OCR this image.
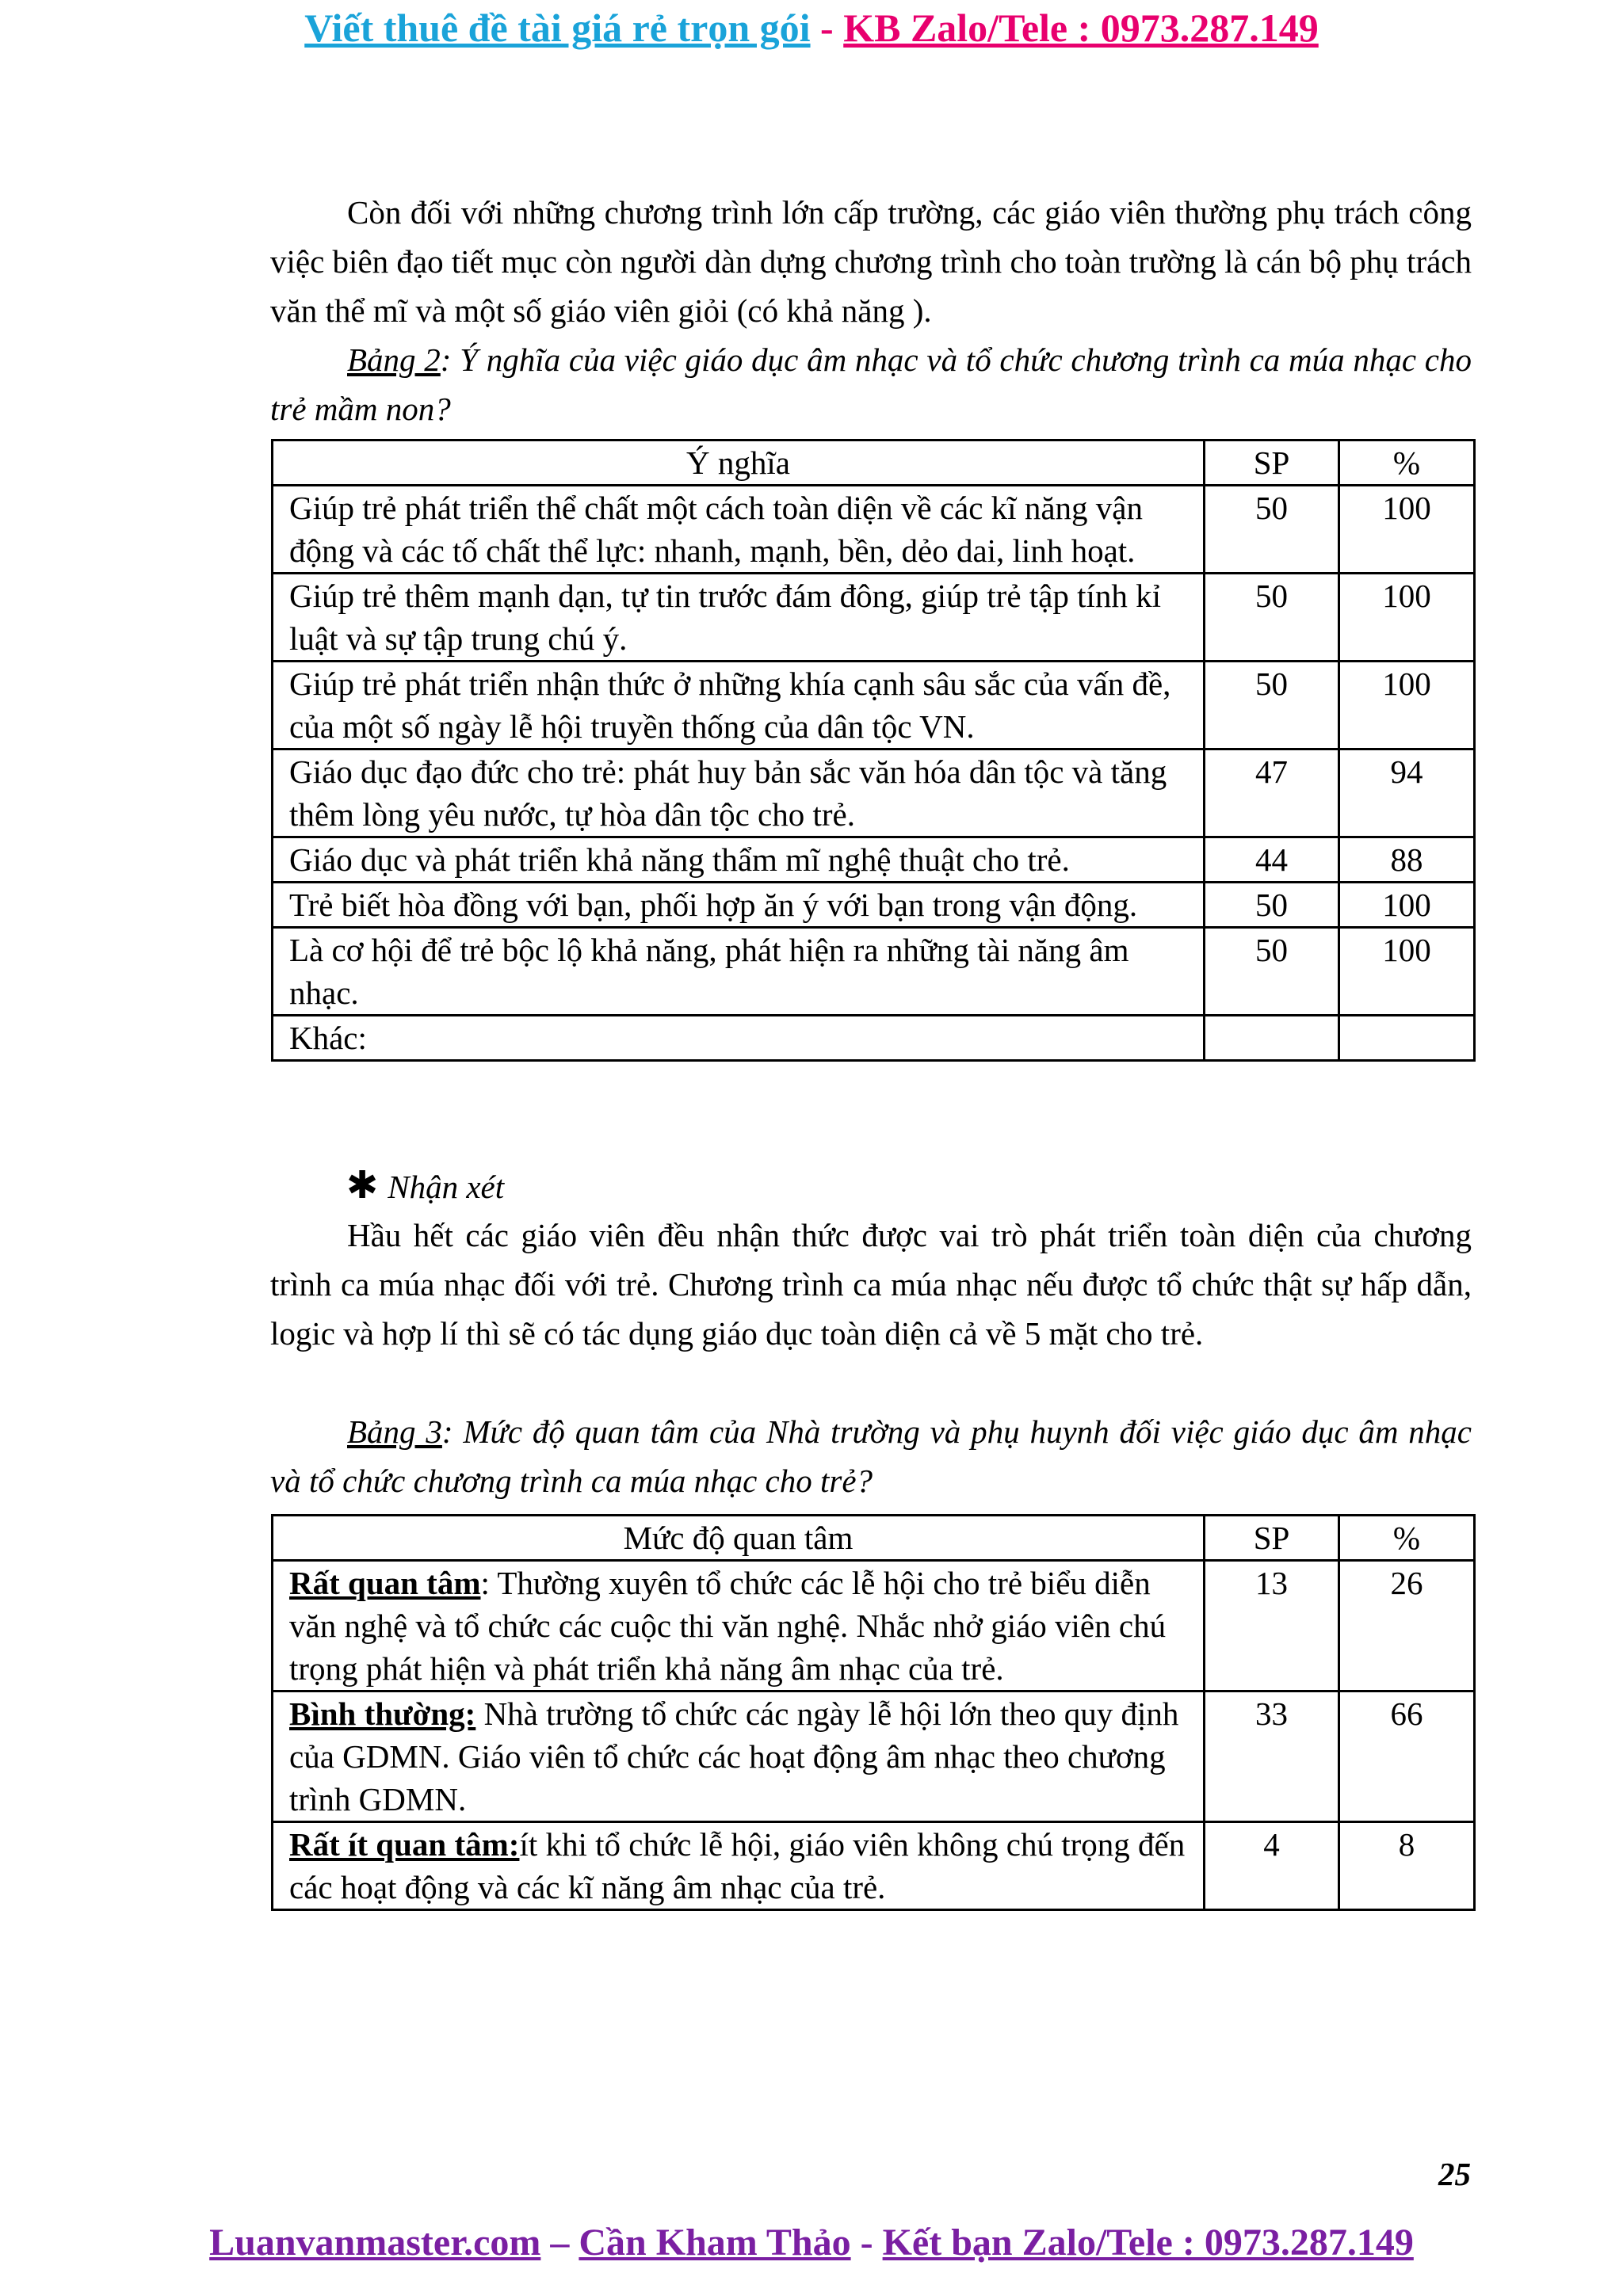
Viết thuê đề tài giá rẻ trọn gói - KB Zalo/Tele : 0973.287.149
Còn đối với những chương trình lớn cấp trường, các giáo viên thường phụ trách công việc biên đạo tiết mục còn người dàn dựng chương trình cho toàn trường là cán bộ phụ trách văn thể mĩ và một số giáo viên giỏi (có khả năng ).
Bảng 2: Ý nghĩa của việc giáo dục âm nhạc và tổ chức chương trình ca múa nhạc cho trẻ mầm non?
Ý nghĩa	SP	%
Giúp trẻ phát triển thể chất một cách toàn diện về các kĩ năng vận động và các tố chất thể lực: nhanh, mạnh, bền, dẻo dai, linh hoạt.	50	100
Giúp trẻ thêm mạnh dạn, tự tin trước đám đông, giúp trẻ tập tính kỉ luật và sự tập trung chú ý.	50	100
Giúp trẻ phát triển nhận thức ở những khía cạnh sâu sắc của vấn đề, của một số ngày lễ hội truyền thống của dân tộc VN.	50	100
Giáo dục đạo đức cho trẻ: phát huy bản sắc văn hóa dân tộc và tăng thêm lòng yêu nước, tự hòa dân tộc cho trẻ.	47	94
Giáo dục và phát triển khả năng thẩm mĩ nghệ thuật cho trẻ.	44	88
Trẻ biết hòa đồng với bạn, phối hợp ăn ý với bạn trong vận động.	50	100
Là cơ hội để trẻ bộc lộ khả năng, phát hiện ra những tài năng âm nhạc.	50	100
Khác:		
✱ Nhận xét
Hầu hết các giáo viên đều nhận thức được vai trò phát triển toàn diện của chương trình ca múa nhạc đối với trẻ. Chương trình ca múa nhạc nếu được tổ chức thật sự hấp dẫn, logic và hợp lí thì sẽ có tác dụng giáo dục toàn diện cả về 5 mặt cho trẻ.
Bảng 3: Mức độ quan tâm của Nhà trường và phụ huynh đối việc giáo dục âm nhạc và tổ chức chương trình ca múa nhạc cho trẻ?
Mức độ quan tâm	SP	%
Rất quan tâm: Thường xuyên tổ chức các lễ hội cho trẻ biểu diễn văn nghệ và tổ chức các cuộc thi văn nghệ. Nhắc nhở giáo viên chú trọng phát hiện và phát triển khả năng âm nhạc của trẻ.	13	26
Bình thường: Nhà trường tổ chức các ngày lễ hội lớn theo quy định của GDMN. Giáo viên tổ chức các hoạt động âm nhạc theo chương trình GDMN.	33	66
Rất ít quan tâm:ít khi tổ chức lễ hội, giáo viên không chú trọng đến các hoạt động và các kĩ năng âm nhạc của trẻ.	4	8
25
Luanvanmaster.com – Cần Kham Thảo - Kết bạn Zalo/Tele : 0973.287.149
